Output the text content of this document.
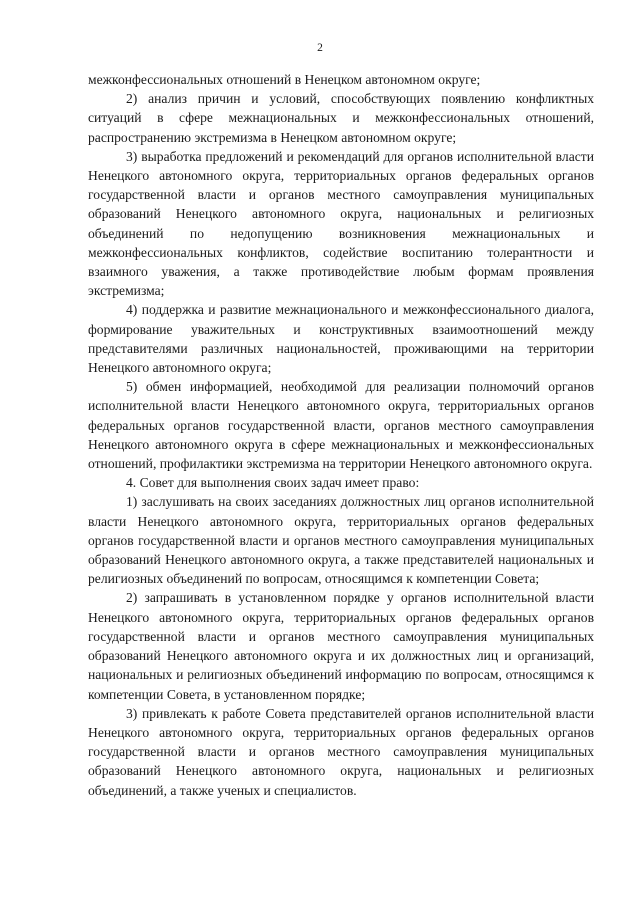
2

межконфессиональных отношений в Ненецком автономном округе;

2) анализ причин и условий, способствующих появлению конфликтных ситуаций в сфере межнациональных и межконфессиональных отношений, распространению экстремизма в Ненецком автономном округе;

3) выработка предложений и рекомендаций для органов исполнительной власти Ненецкого автономного округа, территориальных органов федеральных органов государственной власти и органов местного самоуправления муниципальных образований Ненецкого автономного округа, национальных и религиозных объединений по недопущению возникновения межнациональных и межконфессиональных конфликтов, содействие воспитанию толерантности и взаимного уважения, а также противодействие любым формам проявления экстремизма;

4) поддержка и развитие межнационального и межконфессионального диалога, формирование уважительных и конструктивных взаимоотношений между представителями различных национальностей, проживающими на территории Ненецкого автономного округа;

5) обмен информацией, необходимой для реализации полномочий органов исполнительной власти Ненецкого автономного округа, территориальных органов федеральных органов государственной власти, органов местного самоуправления Ненецкого автономного округа в сфере межнациональных и межконфессиональных отношений, профилактики экстремизма на территории Ненецкого автономного округа.

4. Совет для выполнения своих задач имеет право:

1) заслушивать на своих заседаниях должностных лиц органов исполнительной власти Ненецкого автономного округа, территориальных органов федеральных органов государственной власти и органов местного самоуправления муниципальных образований Ненецкого автономного округа, а также представителей национальных и религиозных объединений по вопросам, относящимся к компетенции Совета;

2) запрашивать в установленном порядке у органов исполнительной власти Ненецкого автономного округа, территориальных органов федеральных органов государственной власти и органов местного самоуправления муниципальных образований Ненецкого автономного округа и их должностных лиц и организаций, национальных и религиозных объединений информацию по вопросам, относящимся к компетенции Совета, в установленном порядке;

3) привлекать к работе Совета представителей органов исполнительной власти Ненецкого автономного округа, территориальных органов федеральных органов государственной власти и органов местного самоуправления муниципальных образований Ненецкого автономного округа, национальных и религиозных объединений, а также ученых и специалистов.
